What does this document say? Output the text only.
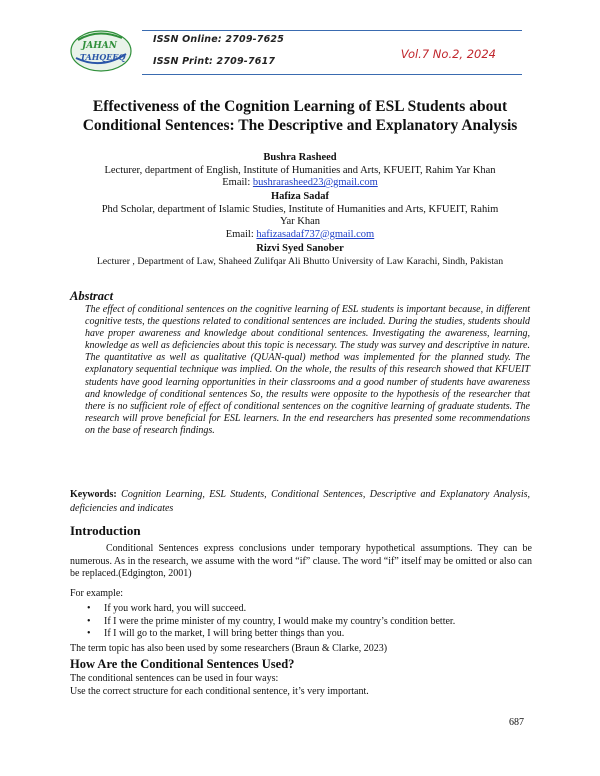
JAHAN
TAHQEEQ
ISSN Online: 2709-7625
ISSN Print: 2709-7617
Vol.7 No.2, 2024
Effectiveness of the Cognition Learning of ESL Students about
Conditional Sentences: The Descriptive and Explanatory Analysis
Bushra Rasheed
Lecturer, department of English, Institute of Humanities and Arts, KFUEIT, Rahim Yar Khan
Email: bushrarasheed23@gmail.com
Hafiza Sadaf
Phd Scholar, department of Islamic Studies, Institute of Humanities and Arts, KFUEIT, Rahim
Yar Khan
Email: hafizasadaf737@gmail.com
Rizvi Syed Sanober
Lecturer , Department of Law, Shaheed Zulifqar Ali Bhutto University of Law Karachi, Sindh, Pakistan
Abstract
The effect of conditional sentences on the cognitive learning of ESL students is important because, in different cognitive tests, the questions related to conditional sentences are included. During the studies, students should have proper awareness and knowledge about conditional sentences. Investigating the awareness, learning, knowledge as well as deficiencies about this topic is necessary. The study was survey and descriptive in nature. The quantitative as well as qualitative (QUAN-qual) method was implemented for the planned study. The explanatory sequential technique was implied. On the whole, the results of this research showed that KFUEIT students have good learning opportunities in their classrooms and a good number of students have awareness and knowledge of conditional sentences So, the results were opposite to the hypothesis of the researcher that there is no sufficient role of effect of conditional sentences on the cognitive learning of graduate students. The research will prove beneficial for ESL learners. In the end researchers has presented some recommendations on the base of research findings.
Keywords: Cognition Learning, ESL Students, Conditional Sentences, Descriptive and Explanatory Analysis, deficiencies and indicates
Introduction
Conditional Sentences express conclusions under temporary hypothetical assumptions. They can be numerous. As in the research, we assume with the word “if” clause. The word “if” itself may be omitted or also can be replaced.(Edgington, 2001)
For example:
• If you work hard, you will succeed.
• If I were the prime minister of my country, I would make my country’s condition better.
• If I will go to the market, I will bring better things than you.
The term topic has also been used by some researchers (Braun & Clarke, 2023)
How Are the Conditional Sentences Used?
The conditional sentences can be used in four ways:
Use the correct structure for each conditional sentence, it’s very important.
687
